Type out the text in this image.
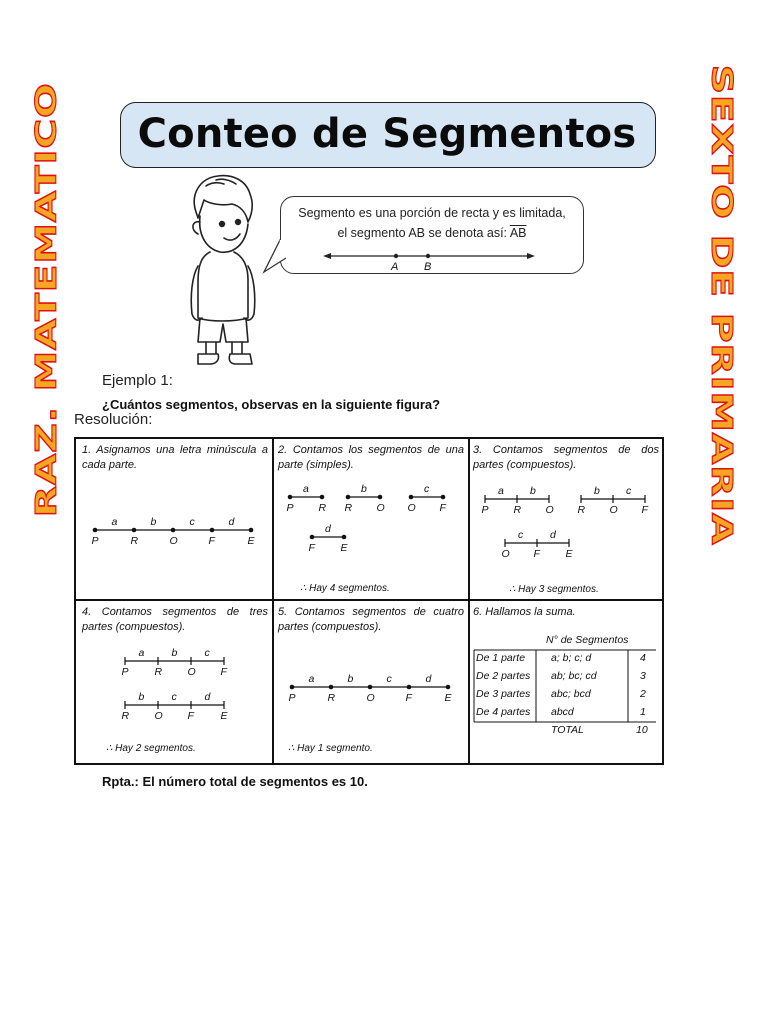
RAZ. MATEMATICO	SEXTO DE PRIMARIA
Conteo de Segmentos
Segmento es una porción de recta y es limitada,
el segmento AB se denota así: $\overline{AB}$
A B
Ejemplo 1:
¿Cuántos segmentos, observas en la siguiente figura?
Resolución:
1. Asignamos una letra minúscula a cada parte.
2. Contamos los segmentos de una parte (simples).
3. Contamos segmentos de dos partes (compuestos).
4. Contamos segmentos de tres partes (compuestos).
5. Contamos segmentos de cuatro partes (compuestos).
6. Hallamos la suma.
∴ Hay 4 segmentos.	∴ Hay 3 segmentos.
∴ Hay 2 segmentos.	∴ Hay 1 segmento.
P	R	O	F	E
a	b	c	d
P R
a
R O
b
O F
c
F E
d
P R O
a b
R O F
b c
O F E
c	d
P R O F
a	b	c
R O F	E
b	c	d	P	R	O	F	E
a	b	c	d
N° de Segmentos
De 1 parte a; b; c; d	4
De 2 partes ab; bc; cd	3
De 3 partes abc; bcd	2
De 4 partes abcd	1
TOTAL	10
Rpta.: El número total de segmentos es 10.
